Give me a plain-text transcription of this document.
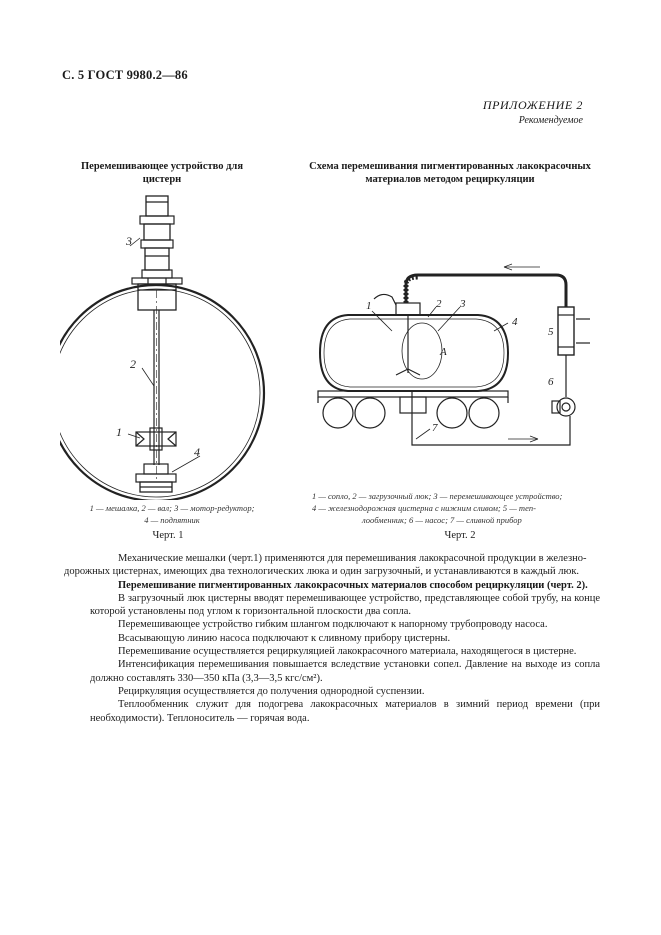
С. 5 ГОСТ 9980.2—86
ПРИЛОЖЕНИЕ 2
Рекомендуемое
Перемешивающее устройство для
цистерн
Схема перемешивания пигментированных лакокрасочных
материалов методом рециркуляции
3
2
1
4
1	2 3
4
5
6
7
А
1 — мешалка, 2 — вал; 3 — мотор-редуктор;
4 — подпятник
Черт. 1
1 — сопло, 2 — загрузочный люк; 3 — перемешивающее устройство;
4 — железнодорожная цистерна с нижним сливом; 5 — теп-
лообменник; 6 — насос; 7 — сливной прибор
Черт. 2

Механические мешалки (черт.1) применяются для перемешивания лакокрасочной продукции в железно-

дорожных цистернах, имеющих два технологических люка и один загрузочный, и устанавливаются в каждый люк.

Перемешивание пигментированных лакокрасочных материалов способом рециркуляции (черт. 2).

В загрузочный люк цистерны вводят перемешивающее устройство, представляющее собой трубу, на конце которой установлены под углом к горизонтальной плоскости два сопла.

Перемешивающее устройство гибким шлангом подключают к напорному трубопроводу насоса.

Всасывающую линию насоса подключают к сливному прибору цистерны.

Перемешивание осуществляется рециркуляцией лакокрасочного материала, находящегося в цистерне.

Интенсификация перемешивания повышается вследствие установки сопел. Давление на выходе из сопла должно составлять 330—350 кПа (3,3—3,5 кгс/см²).

Рециркуляция осуществляется до получения однородной суспензии.

Теплообменник служит для подогрева лакокрасочных материалов в зимний период времени (при необходимости). Теплоноситель — горячая вода.
